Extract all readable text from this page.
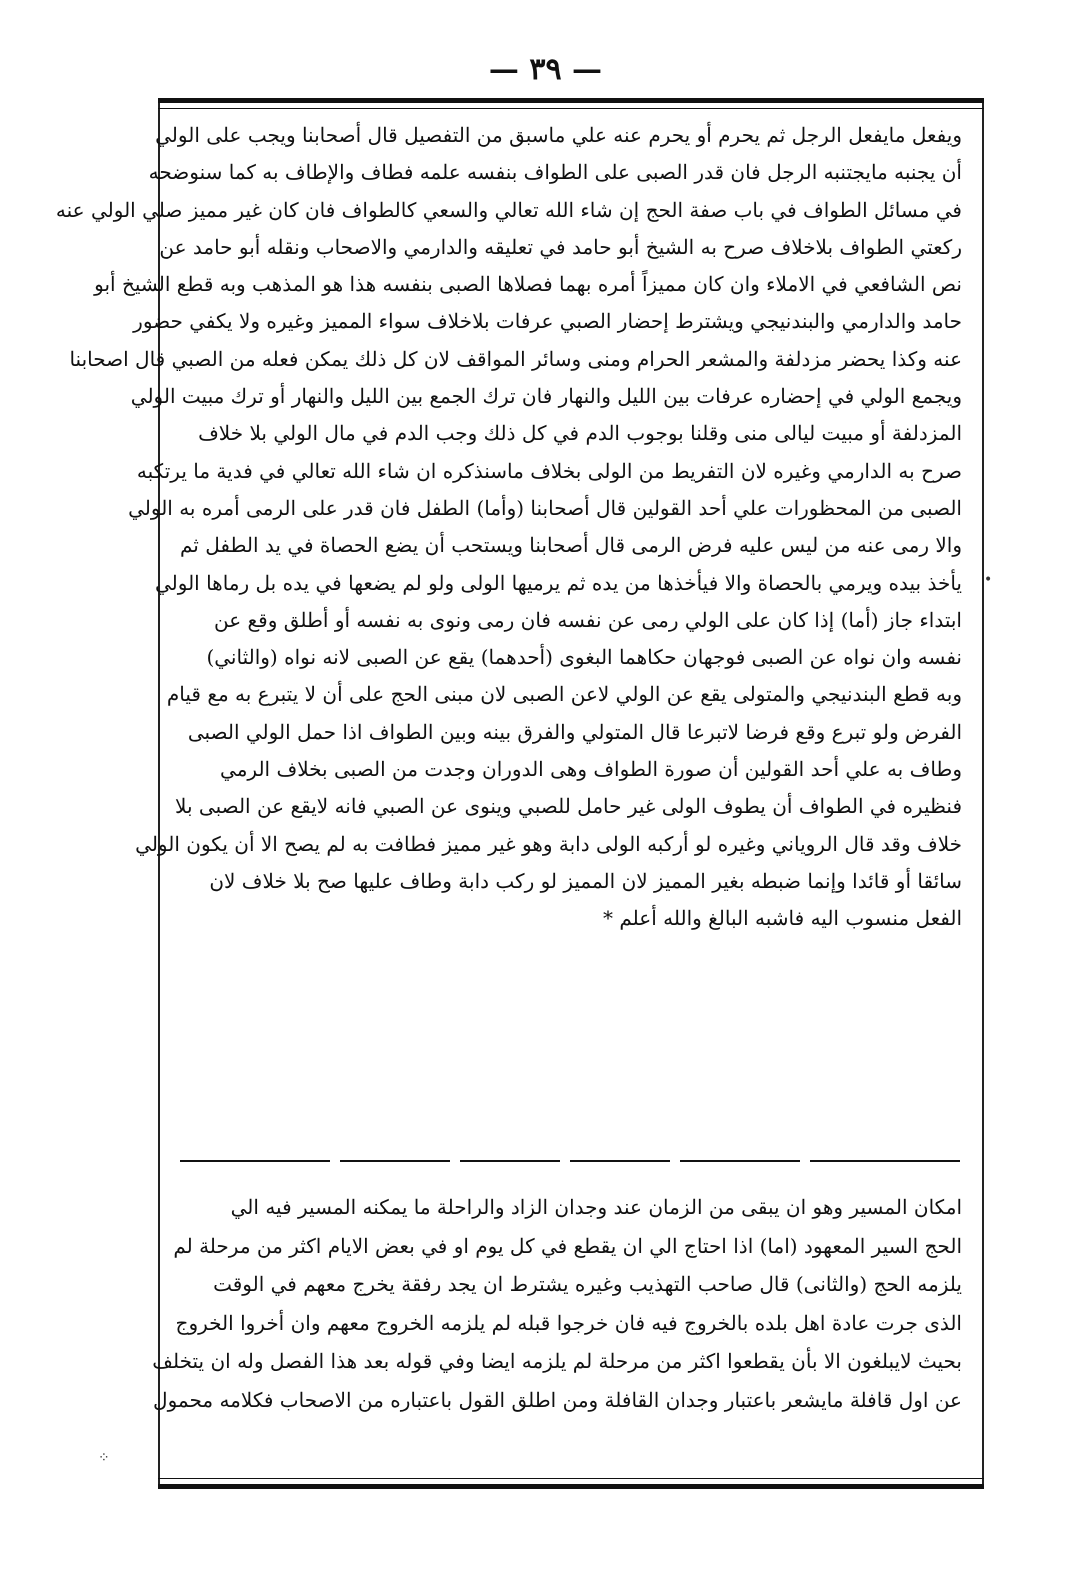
— ٣٩ —

ويفعل مايفعل الرجل ثم يحرم أو يحرم عنه علي ماسبق من التفصيل قال أصحابنا ويجب على الولي

أن يجنبه مايجتنبه الرجل فان قدر الصبى على الطواف بنفسه علمه فطاف والإطاف به كما سنوضحه

في مسائل الطواف في باب صفة الحج إن شاء الله تعالي والسعي كالطواف فان كان غير مميز صلي الولي عنه

ركعتي الطواف بلاخلاف صرح به الشيخ أبو حامد في تعليقه والدارمي والاصحاب ونقله أبو حامد عن

نص الشافعي في الاملاء وان كان مميزاً أمره بهما فصلاها الصبى بنفسه هذا هو المذهب وبه قطع الشيخ أبو

حامد والدارمي والبندنيجي ويشترط إحضار الصبي عرفات بلاخلاف سواء المميز وغيره ولا يكفي حضور

عنه وكذا يحضر مزدلفة والمشعر الحرام ومنى وسائر المواقف لان كل ذلك يمكن فعله من الصبي قال اصحابنا

ويجمع الولي في إحضاره عرفات بين الليل والنهار فان ترك الجمع بين الليل والنهار أو ترك مبيت الولي

المزدلفة أو مبيت ليالى منى وقلنا بوجوب الدم في كل ذلك وجب الدم في مال الولي بلا خلاف

صرح به الدارمي وغيره لان التفريط من الولى بخلاف ماسنذكره ان شاء الله تعالي في فدية ما يرتكبه

الصبى من المحظورات علي أحد القولين قال أصحابنا (وأما) الطفل فان قدر على الرمى أمره به الولي

والا رمى عنه من ليس عليه فرض الرمى قال أصحابنا ويستحب أن يضع الحصاة في يد الطفل ثم

يأخذ بيده ويرمي بالحصاة والا فيأخذها من يده ثم يرميها الولى ولو لم يضعها في يده بل رماها الولي

ابتداء جاز (أما) إذا كان على الولي رمى عن نفسه فان رمى ونوى به نفسه أو أطلق وقع عن

نفسه وان نواه عن الصبى فوجهان حكاهما البغوى (أحدهما) يقع عن الصبى لانه نواه (والثاني)

وبه قطع البندنيجي والمتولى يقع عن الولي لاعن الصبى لان مبنى الحج على أن لا يتبرع به مع قيام

الفرض ولو تبرع وقع فرضا لاتبرعا قال المتولي والفرق بينه وبين الطواف اذا حمل الولي الصبى

وطاف به علي أحد القولين أن صورة الطواف وهى الدوران وجدت من الصبى بخلاف الرمي

فنظيره في الطواف أن يطوف الولى غير حامل للصبي وينوى عن الصبي فانه لايقع عن الصبى بلا

خلاف وقد قال الروياني وغيره لو أركبه الولى دابة وهو غير مميز فطافت به لم يصح الا أن يكون الولي

سائقا أو قائدا وإنما ضبطه بغير المميز لان المميز لو ركب دابة وطاف عليها صح بلا خلاف لان

الفعل منسوب اليه فاشبه البالغ والله أعلم *

امكان المسير وهو ان يبقى من الزمان عند وجدان الزاد والراحلة ما يمكنه المسير فيه الي

الحج السير المعهود (اما) اذا احتاج الي ان يقطع في كل يوم او في بعض الايام اكثر من مرحلة لم

يلزمه الحج (والثانى) قال صاحب التهذيب وغيره يشترط ان يجد رفقة يخرج معهم في الوقت

الذى جرت عادة اهل بلده بالخروج فيه فان خرجوا قبله لم يلزمه الخروج معهم وان أخروا الخروج

بحيث لايبلغون الا بأن يقطعوا اكثر من مرحلة لم يلزمه ايضا وفي قوله بعد هذا الفصل وله ان يتخلف

عن اول قافلة مايشعر باعتبار وجدان القافلة ومن اطلق القول باعتباره من الاصحاب فكلامه محمول

•
⁘
